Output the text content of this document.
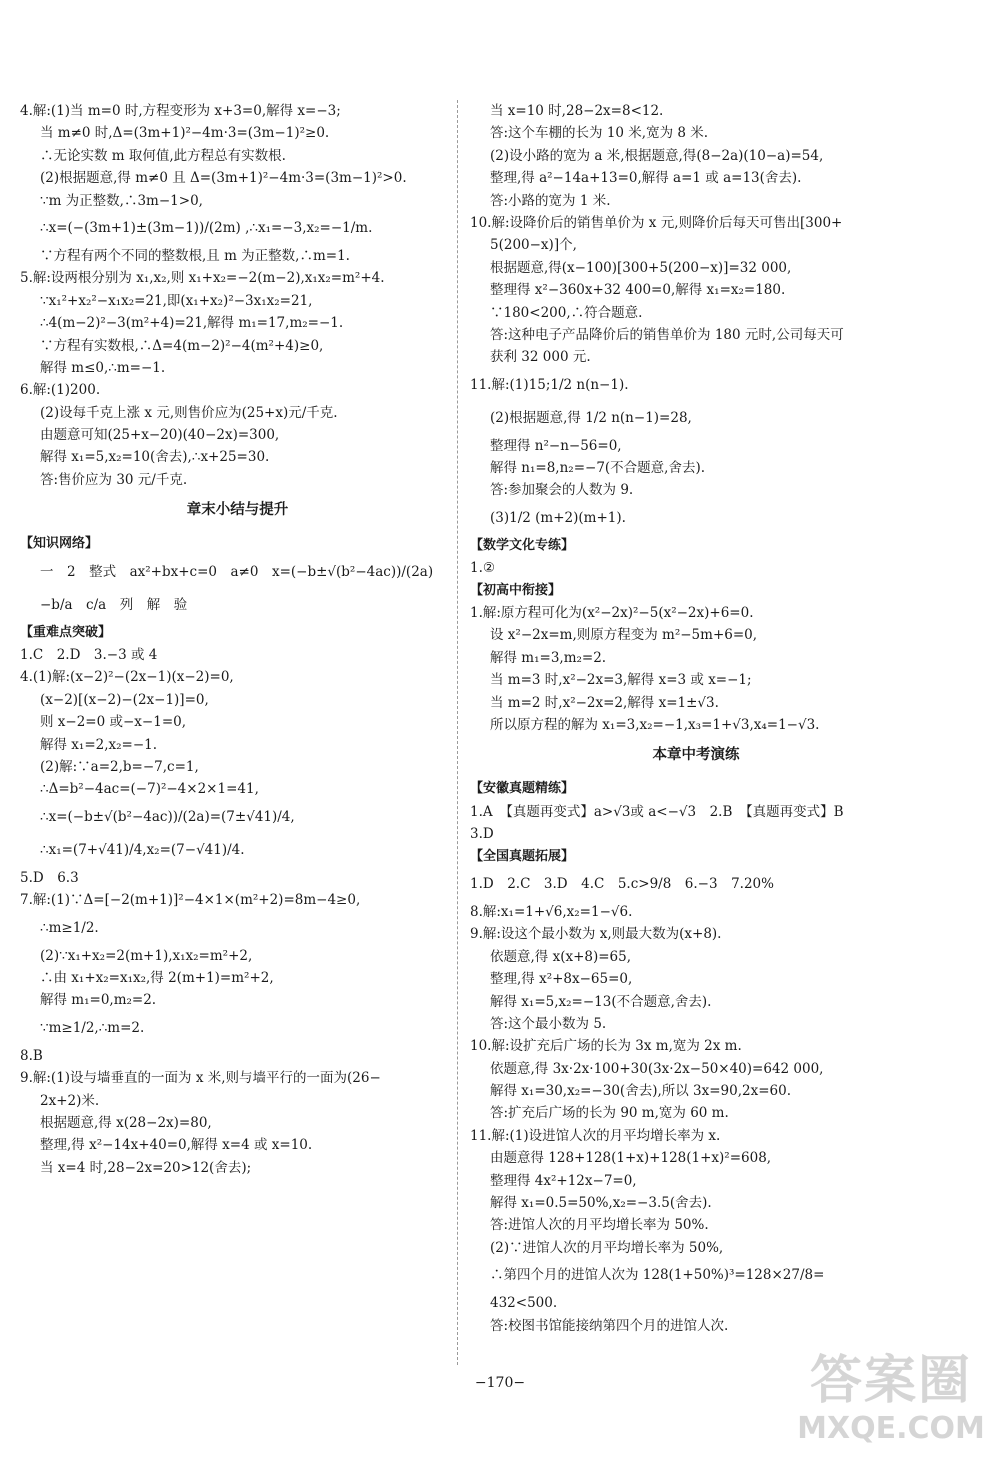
4.解:(1)当 m=0 时,方程变形为 x+3=0,解得 x=−3;
当 m≠0 时,Δ=(3m+1)²−4m·3=(3m−1)²≥0.
∴无论实数 m 取何值,此方程总有实数根.
(2)根据题意,得 m≠0 且 Δ=(3m+1)²−4m·3=(3m−1)²>0.
∵m 为正整数,∴3m−1>0,
∴x=(−(3m+1)±(3m−1))/(2m) ,∴x₁=−3,x₂=−1/m.
∵方程有两个不同的整数根,且 m 为正整数,∴m=1.
5.解:设两根分别为 x₁,x₂,则 x₁+x₂=−2(m−2),x₁x₂=m²+4.
∵x₁²+x₂²−x₁x₂=21,即(x₁+x₂)²−3x₁x₂=21,
∴4(m−2)²−3(m²+4)=21,解得 m₁=17,m₂=−1.
∵方程有实数根,∴Δ=4(m−2)²−4(m²+4)≥0,
解得 m≤0,∴m=−1.
6.解:(1)200.
(2)设每千克上涨 x 元,则售价应为(25+x)元/千克.
由题意可知(25+x−20)(40−2x)=300,
解得 x₁=5,x₂=10(舍去),∴x+25=30.
答:售价应为 30 元/千克.
章末小结与提升
【知识网络】
一　2　整式　ax²+bx+c=0　a≠0　x=(−b±√(b²−4ac))/(2a)
−b/a　c/a　列　解　验
【重难点突破】
1.C　2.D　3.−3 或 4
4.(1)解:(x−2)²−(2x−1)(x−2)=0,
(x−2)[(x−2)−(2x−1)]=0,
则 x−2=0 或−x−1=0,
解得 x₁=2,x₂=−1.
(2)解:∵a=2,b=−7,c=1,
∴Δ=b²−4ac=(−7)²−4×2×1=41,
∴x=(−b±√(b²−4ac))/(2a)=(7±√41)/4,
∴x₁=(7+√41)/4,x₂=(7−√41)/4.
5.D　6.3
7.解:(1)∵Δ=[−2(m+1)]²−4×1×(m²+2)=8m−4≥0,
∴m≥1/2.
(2)∵x₁+x₂=2(m+1),x₁x₂=m²+2,
∴由 x₁+x₂=x₁x₂,得 2(m+1)=m²+2,
解得 m₁=0,m₂=2.
∵m≥1/2,∴m=2.
8.B
9.解:(1)设与墙垂直的一面为 x 米,则与墙平行的一面为(26−
2x+2)米.
根据题意,得 x(28−2x)=80,
整理,得 x²−14x+40=0,解得 x=4 或 x=10.
当 x=4 时,28−2x=20>12(舍去);
当 x=10 时,28−2x=8<12.
答:这个车棚的长为 10 米,宽为 8 米.
(2)设小路的宽为 a 米,根据题意,得(8−2a)(10−a)=54,
整理,得 a²−14a+13=0,解得 a=1 或 a=13(舍去).
答:小路的宽为 1 米.
10.解:设降价后的销售单价为 x 元,则降价后每天可售出[300+
5(200−x)]个,
根据题意,得(x−100)[300+5(200−x)]=32 000,
整理得 x²−360x+32 400=0,解得 x₁=x₂=180.
∵180<200,∴符合题意.
答:这种电子产品降价后的销售单价为 180 元时,公司每天可
获利 32 000 元.
11.解:(1)15;1/2 n(n−1).
(2)根据题意,得 1/2 n(n−1)=28,
整理得 n²−n−56=0,
解得 n₁=8,n₂=−7(不合题意,舍去).
答:参加聚会的人数为 9.
(3)1/2 (m+2)(m+1).
【数学文化专练】
1.②
【初高中衔接】
1.解:原方程可化为(x²−2x)²−5(x²−2x)+6=0.
设 x²−2x=m,则原方程变为 m²−5m+6=0,
解得 m₁=3,m₂=2.
当 m=3 时,x²−2x=3,解得 x=3 或 x=−1;
当 m=2 时,x²−2x=2,解得 x=1±√3.
所以原方程的解为 x₁=3,x₂=−1,x₃=1+√3,x₄=1−√3.
本章中考演练
【安徽真题精练】
1.A　【真题再变式】a>√3或 a<−√3　2.B　【真题再变式】B
3.D
【全国真题拓展】
1.D　2.C　3.D　4.C　5.c>9/8　6.−3　7.20%
8.解:x₁=1+√6,x₂=1−√6.
9.解:设这个最小数为 x,则最大数为(x+8).
依题意,得 x(x+8)=65,
整理,得 x²+8x−65=0,
解得 x₁=5,x₂=−13(不合题意,舍去).
答:这个最小数为 5.
10.解:设扩充后广场的长为 3x m,宽为 2x m.
依题意,得 3x·2x·100+30(3x·2x−50×40)=642 000,
解得 x₁=30,x₂=−30(舍去),所以 3x=90,2x=60.
答:扩充后广场的长为 90 m,宽为 60 m.
11.解:(1)设进馆人次的月平均增长率为 x.
由题意得 128+128(1+x)+128(1+x)²=608,
整理得 4x²+12x−7=0,
解得 x₁=0.5=50%,x₂=−3.5(舍去).
答:进馆人次的月平均增长率为 50%.
(2)∵进馆人次的月平均增长率为 50%,
∴第四个月的进馆人次为 128(1+50%)³=128×27/8=
432<500.
答:校图书馆能接纳第四个月的进馆人次.
−170−	答案圈
MXQE.COM
